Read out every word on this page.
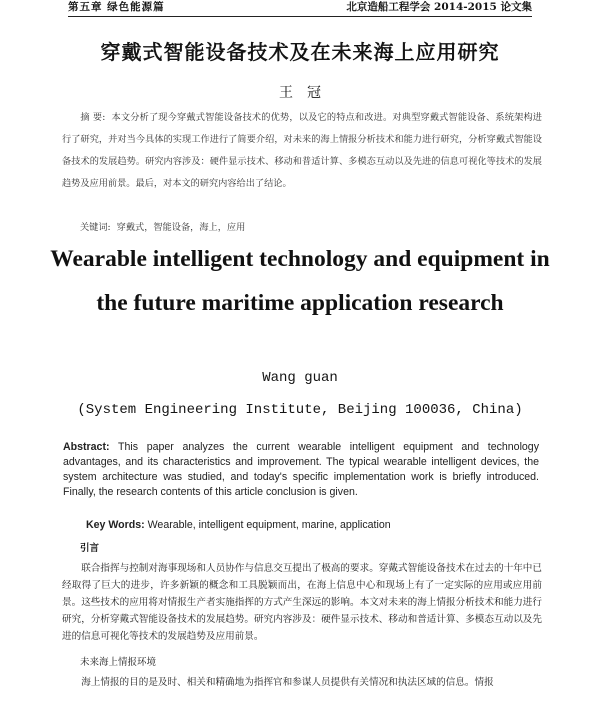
第五章 绿色能源篇	北京造船工程学会 2014-2015 论文集
穿戴式智能设备技术及在未来海上应用研究
王冠
摘 要: 本文分析了现今穿戴式智能设备技术的优势，以及它的特点和改进。对典型穿戴式智能设备、系统架构进行了研究，并对当今具体的实现工作进行了简要介绍，对未来的海上情报分析技术和能力进行研究，分析穿戴式智能设备技术的发展趋势。研究内容涉及：硬件显示技术、移动和普适计算、多模态互动以及先进的信息可视化等技术的发展趋势及应用前景。最后，对本文的研究内容给出了结论。
关键词: 穿戴式，智能设备，海上，应用
Wearable intelligent technology and equipment in the future maritime application research
Wang guan
(System Engineering Institute, Beijing 100036, China)
Abstract: This paper analyzes the current wearable intelligent equipment and technology advantages, and its characteristics and improvement. The typical wearable intelligent devices, the system architecture was studied, and today's specific implementation work is briefly introduced. Finally, the research contents of this article conclusion is given.
Key Words: Wearable, intelligent equipment, marine, application
引言
联合指挥与控制对海事现场和人员协作与信息交互提出了极高的要求。穿戴式智能设备技术在过去的十年中已经取得了巨大的进步，许多新颖的概念和工具脱颖而出，在海上信息中心和现场上有了一定实际的应用或应用前景。这些技术的应用将对情报生产者实施指挥的方式产生深远的影响。本文对未来的海上情报分析技术和能力进行研究，分析穿戴式智能设备技术的发展趋势。研究内容涉及：硬件显示技术、移动和普适计算、多模态互动以及先进的信息可视化等技术的发展趋势及应用前景。
未来海上情报环境
海上情报的目的是及时、相关和精确地为指挥官和参谋人员提供有关情况和执法区域的信息。情报
